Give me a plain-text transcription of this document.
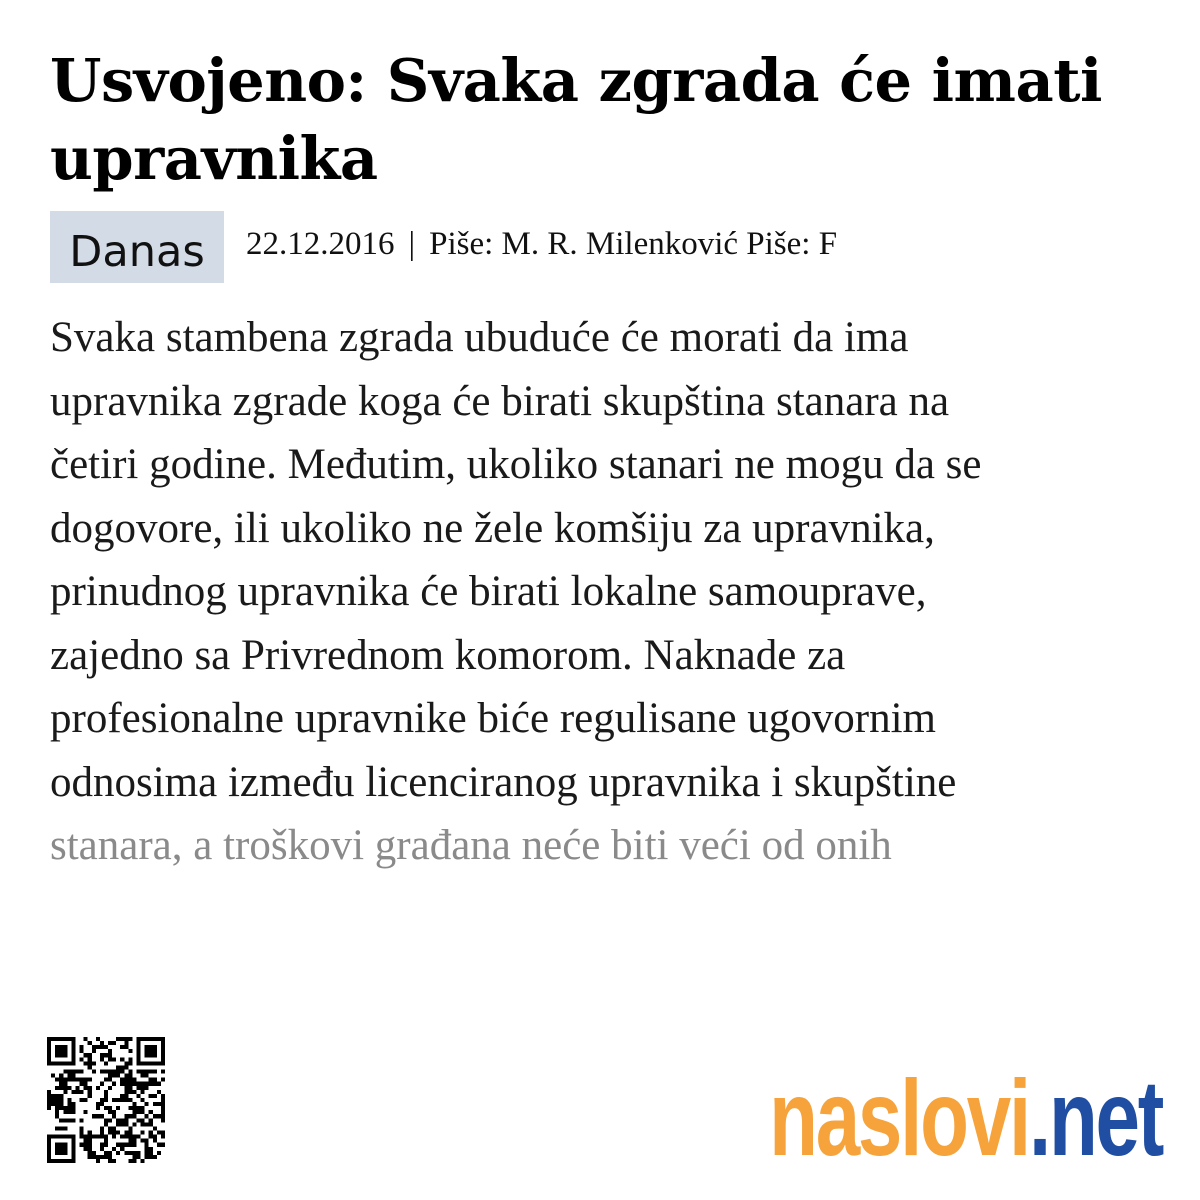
Usvojeno: Svaka zgrada će imati upravnika
Danas	22.12.2016 | Piše: M. R. Milenković Piše: F
Svaka stambena zgrada ubuduće će morati da ima
upravnika zgrade koga će birati skupština stanara na
četiri godine. Međutim, ukoliko stanari ne mogu da se
dogovore, ili ukoliko ne žele komšiju za upravnika,
prinudnog upravnika će birati lokalne samouprave,
zajedno sa Privrednom komorom. Naknade za
profesionalne upravnike biće regulisane ugovornim
odnosima između licenciranog upravnika i skupštine
stanara, a troškovi građana neće biti veći od onih
naslovi .net
